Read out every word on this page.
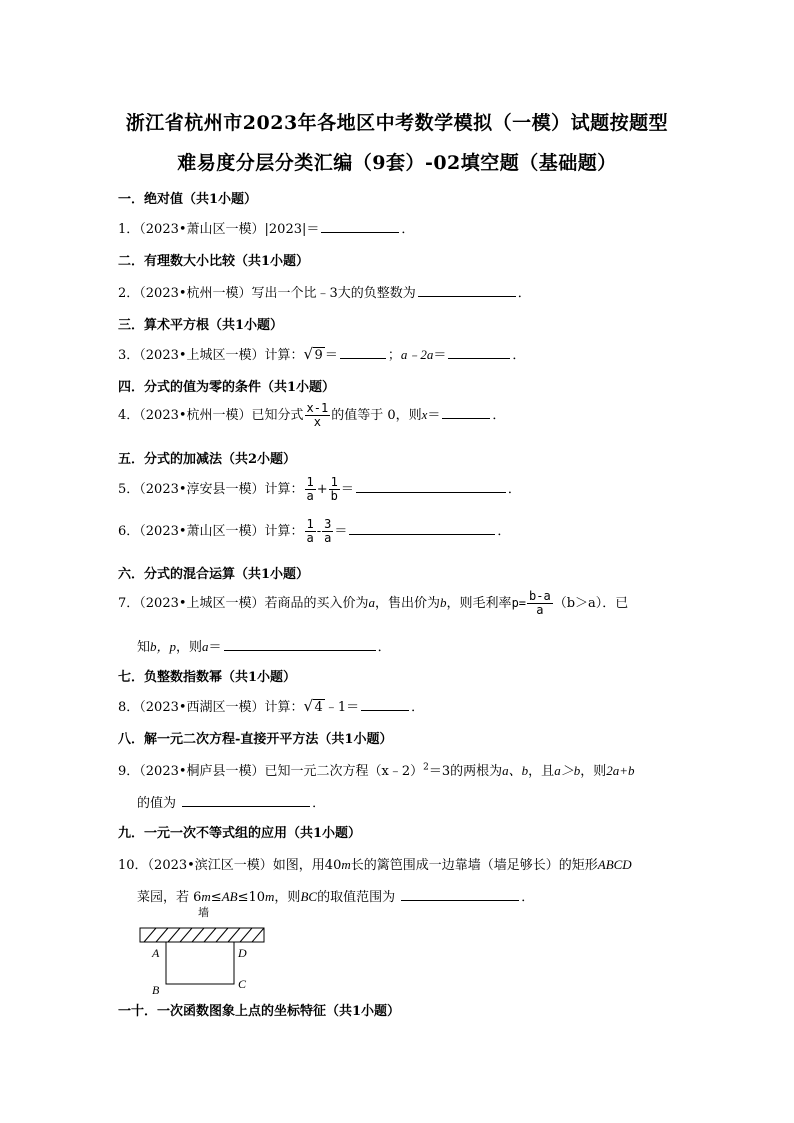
浙江省杭州市2023年各地区中考数学模拟（一模）试题按题型
难易度分层分类汇编（9套）-02填空题（基础题）
一．绝对值（共1小题）
1．（2023•萧山区一模）|2023|＝	．
二．有理数大小比较（共1小题）
2．（2023•杭州一模）写出一个比﹣3大的负整数为	．
三．算术平方根（共1小题）
3．（2023•上城区一模）计算： √ 9 ＝	；a﹣2a＝	．
四．分式的值为零的条件（共1小题）
4．（2023•杭州一模）已知分式 $\frac{x-1}{x}$ 的值等于 0，则x＝	．
五．分式的加减法（共2小题）
5．（2023•淳安县一模）计算： $\frac{1}{a} + \frac{1}{b}$ ＝	．
6．（2023•萧山区一模）计算： $\frac{1}{a} - \frac{3}{a}$ ＝	．
六．分式的混合运算（共1小题）
7．（2023•上城区一模）若商品的买入价为a，售出价为b，则毛利率$p= \frac{b-a}{a} (b>a)$．已
知b，p，则a＝	．
七．负整数指数幂（共1小题）
8．（2023•西湖区一模）计算： √ 4 ﹣1＝	．
八．解一元二次方程-直接开平方法（共1小题）
9．（2023•桐庐县一模）已知一元二次方程（x﹣2）$^2$＝3的两根为a、b，且a＞b，则2a+b
的值为	．
九．一元一次不等式组的应用（共1小题）
10．（2023•滨江区一模）如图，用40m长的篱笆围成一边靠墙（墙足够长）的矩形ABCD
菜园，若 6m≤AB≤10m，则BC的取值范围为	．
墙
A	D
B	C
一十．一次函数图象上点的坐标特征（共1小题）
